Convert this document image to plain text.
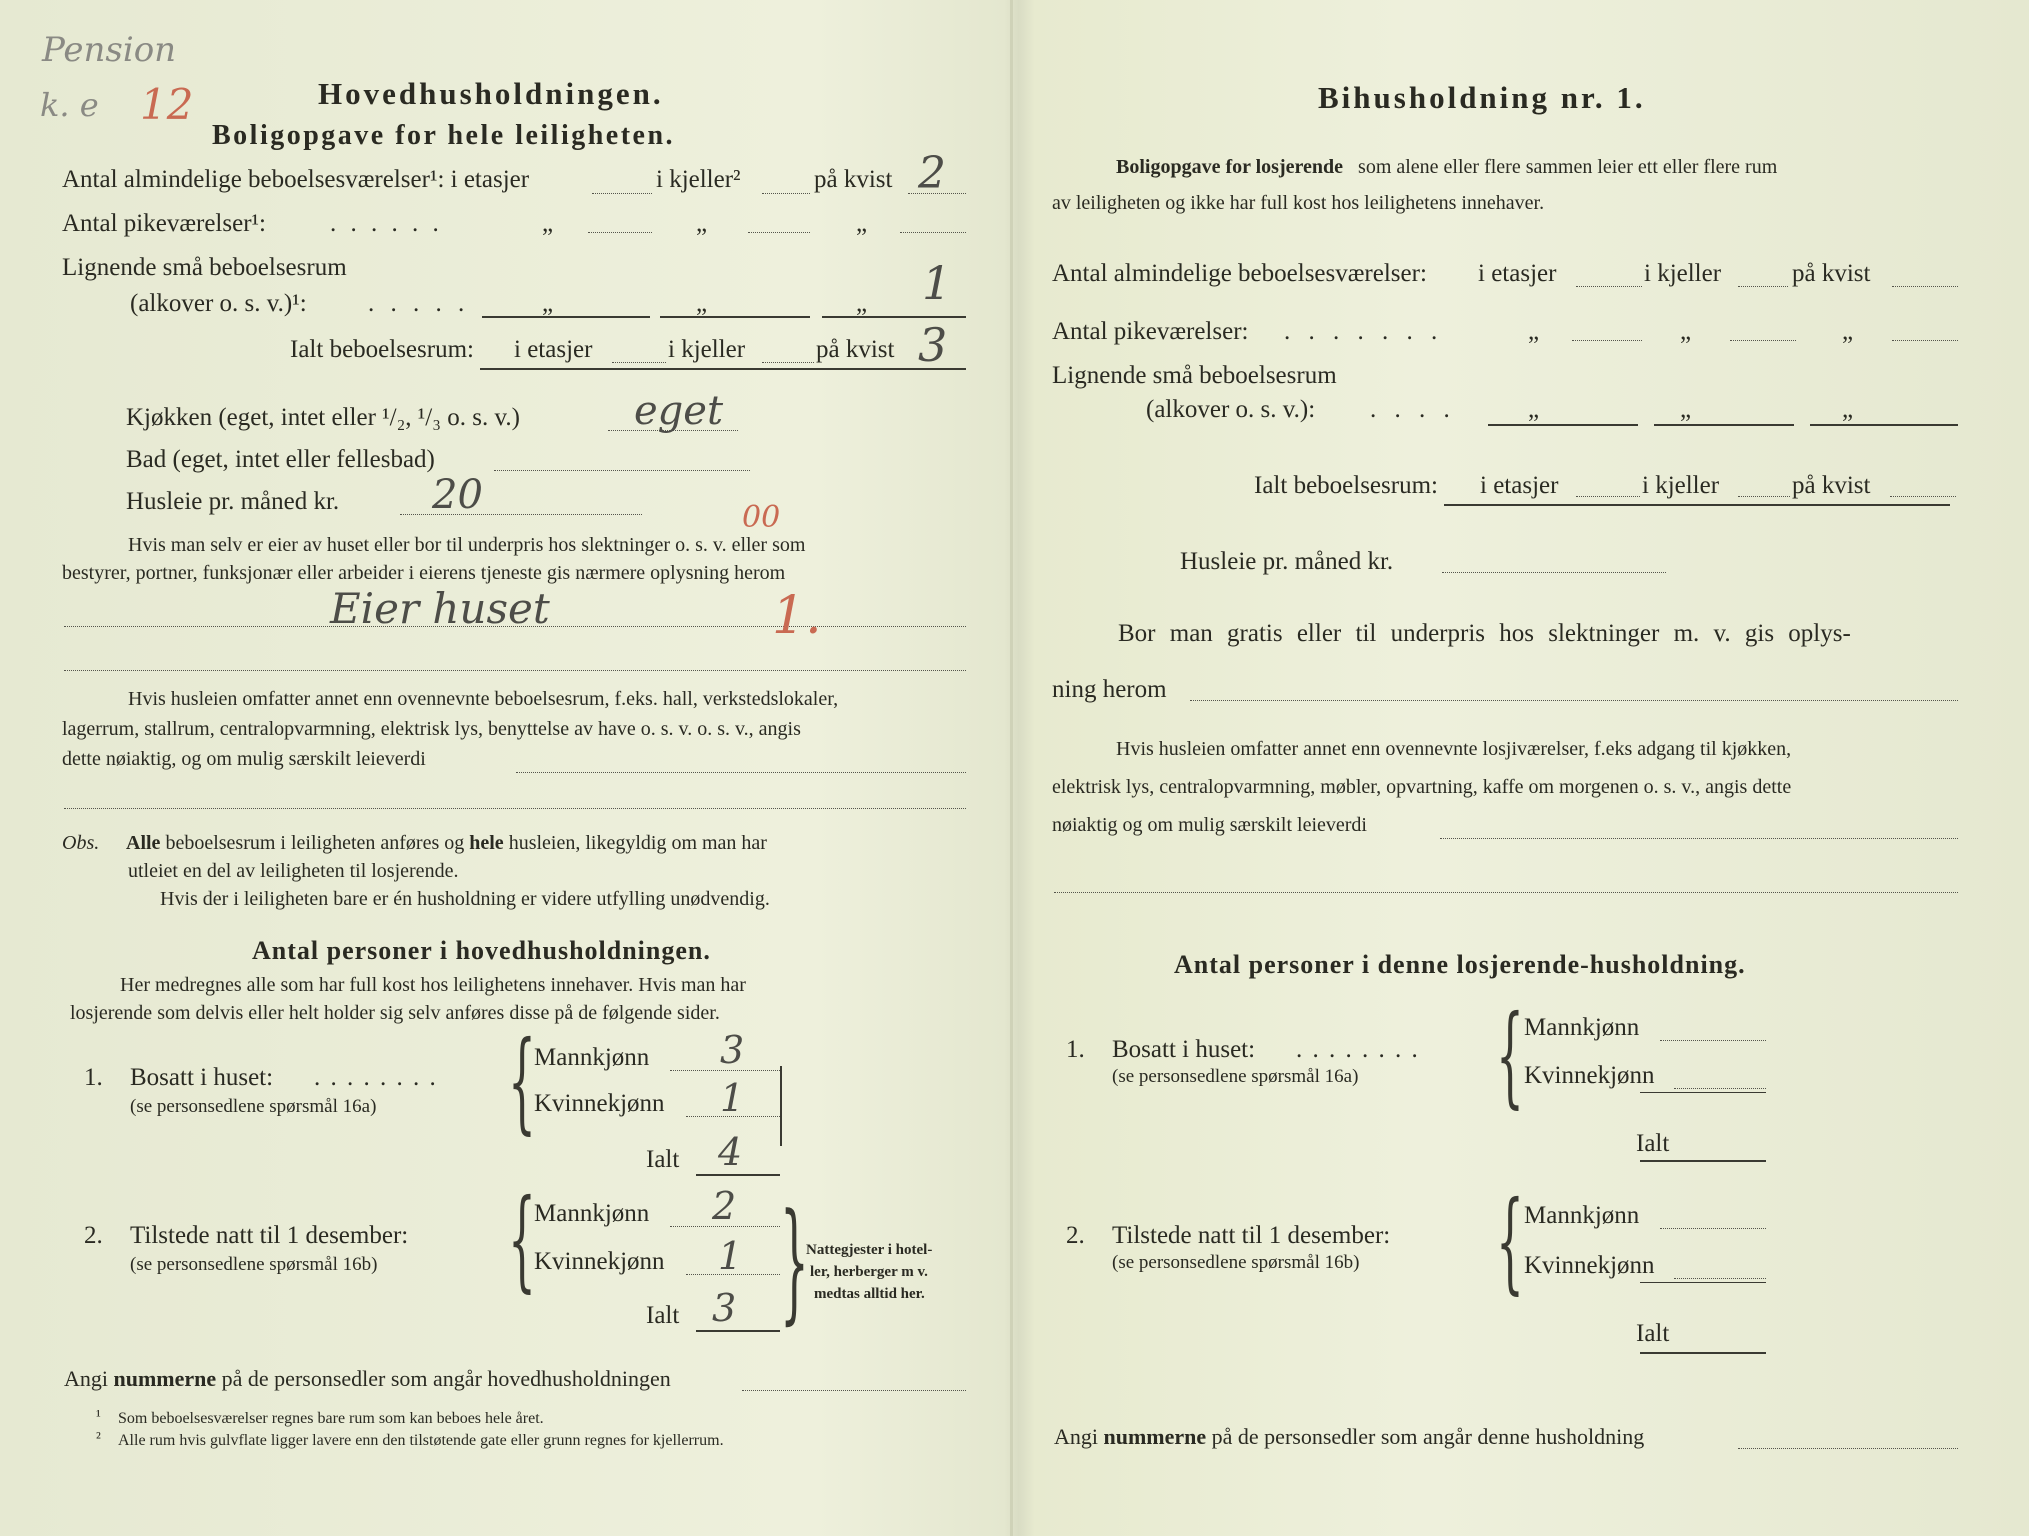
Pension
k. e 12	Hovedhusholdningen.
Boligopgave for hele leiligheten.
Antal almindelige beboelsesværelser¹: i etasjer	i kjeller²	på kvist 2
Antal pikeværelser¹:	. . . . . .	„	„	„
Lignende små beboelsesrum
(alkover o. s. v.)¹: . . . . .	„	„	„ 1
Ialt beboelsesrum: i etasjer	i kjeller	på kvist 3
Kjøkken (eget, intet eller ¹/₂, ¹/₃ o. s. v.)	eget
Bad (eget, intet eller fellesbad)
Husleie pr. måned kr. 20	00
Hvis man selv er eier av huset eller bor til underpris hos slektninger o. s. v. eller som
bestyrer, portner, funksjonær eller arbeider i eierens tjeneste gis nærmere oplysning herom
Eier huset	1.
Hvis husleien omfatter annet enn ovennevnte beboelsesrum, f.eks. hall, verkstedslokaler,
lagerrum, stallrum, centralopvarmning, elektrisk lys, benyttelse av have o. s. v. o. s. v., angis
dette nøiaktig, og om mulig særskilt leieverdi
Obs. Alle beboelsesrum i leiligheten anføres og hele husleien, likegyldig om man har
utleiet en del av leiligheten til losjerende.
Hvis der i leiligheten bare er én husholdning er videre utfylling unødvendig.
Antal personer i hovedhusholdningen.
Her medregnes alle som har full kost hos leilighetens innehaver. Hvis man har
losjerende som delvis eller helt holder sig selv anføres disse på de følgende sider.
1. Bosatt i huset: . . . . . . . .
(se personsedlene spørsmål 16a) {
Mannkjønn 3
Kvinnekjønn 1
Ialt 4
2. Tilstede natt til 1 desember:
(se personsedlene spørsmål 16b) {
Mannkjønn 2
Kvinnekjønn 1
Ialt 3 }
Nattegjester i hotel-
ler, herberger m v.
medtas alltid her.
Angi nummerne på de personsedler som angår hovedhusholdningen
¹ Som beboelsesværelser regnes bare rum som kan beboes hele året.
² Alle rum hvis gulvflate ligger lavere enn den tilstøtende gate eller grunn regnes for kjellerrum.
Bihusholdning nr. 1.
Boligopgave for losjerende som alene eller flere sammen leier ett eller flere rum
av leiligheten og ikke har full kost hos leilighetens innehaver.
Antal almindelige beboelsesværelser: i etasjer	i kjeller	på kvist
Antal pikeværelser: . . . . . . .	„	„	„
Lignende små beboelsesrum
(alkover o. s. v.): . . . .	„	„	„
Ialt beboelsesrum: i etasjer	i kjeller	på kvist
Husleie pr. måned kr.
Bor man gratis eller til underpris hos slektninger m. v. gis oplys-
ning herom
Hvis husleien omfatter annet enn ovennevnte losjiværelser, f.eks adgang til kjøkken,
elektrisk lys, centralopvarmning, møbler, opvartning, kaffe om morgenen o. s. v., angis dette
nøiaktig og om mulig særskilt leieverdi
Antal personer i denne losjerende-husholdning.
1. Bosatt i huset: . . . . . . . .
(se personsedlene spørsmål 16a) { Mannkjønn
Kvinnekjønn
Ialt
2. Tilstede natt til 1 desember:
(se personsedlene spørsmål 16b) { Mannkjønn
Kvinnekjønn
Ialt
Angi nummerne på de personsedler som angår denne husholdning
